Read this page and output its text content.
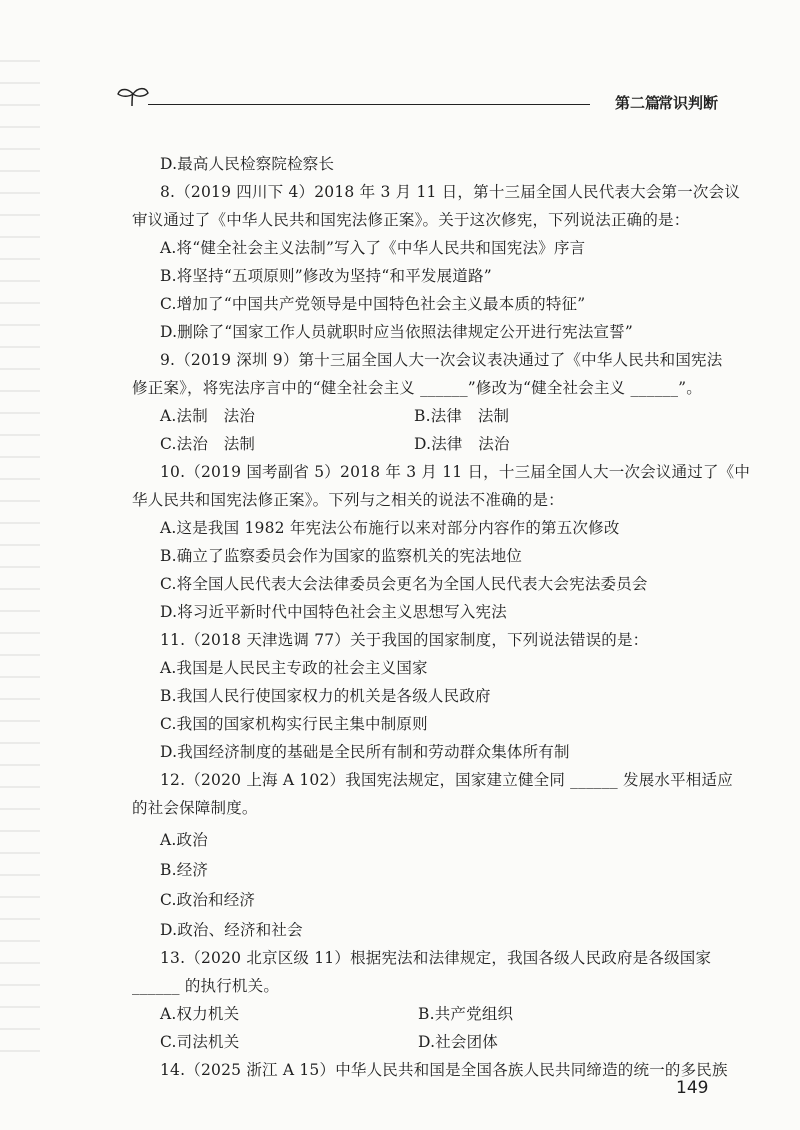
第二篇
常识判断
D.最高人民检察院检察长
8.（2019 四川下 4）2018 年 3 月 11 日，第十三届全国人民代表大会第一次会议
审议通过了《中华人民共和国宪法修正案》。关于这次修宪，下列说法正确的是：
A.将“健全社会主义法制”写入了《中华人民共和国宪法》序言
B.将坚持“五项原则”修改为坚持“和平发展道路”
C.增加了“中国共产党领导是中国特色社会主义最本质的特征”
D.删除了“国家工作人员就职时应当依照法律规定公开进行宪法宣誓”
9.（2019 深圳 9）第十三届全国人大一次会议表决通过了《中华人民共和国宪法
修正案》，将宪法序言中的“健全社会主义 ______”修改为“健全社会主义 ______”。
A.法制　法治	B.法律　法制
C.法治　法制	D.法律　法治
10.（2019 国考副省 5）2018 年 3 月 11 日，十三届全国人大一次会议通过了《中
华人民共和国宪法修正案》。下列与之相关的说法不准确的是：
A.这是我国 1982 年宪法公布施行以来对部分内容作的第五次修改
B.确立了监察委员会作为国家的监察机关的宪法地位
C.将全国人民代表大会法律委员会更名为全国人民代表大会宪法委员会
D.将习近平新时代中国特色社会主义思想写入宪法
11.（2018 天津选调 77）关于我国的国家制度，下列说法错误的是：
A.我国是人民民主专政的社会主义国家
B.我国人民行使国家权力的机关是各级人民政府
C.我国的国家机构实行民主集中制原则
D.我国经济制度的基础是全民所有制和劳动群众集体所有制
12.（2020 上海 A 102）我国宪法规定，国家建立健全同 ______ 发展水平相适应
的社会保障制度。
A.政治
B.经济
C.政治和经济
D.政治、经济和社会
13.（2020 北京区级 11）根据宪法和法律规定，我国各级人民政府是各级国家
______ 的执行机关。
A.权力机关	B.共产党组织
C.司法机关	D.社会团体
14.（2025 浙江 A 15）中华人民共和国是全国各族人民共同缔造的统一的多民族
149
